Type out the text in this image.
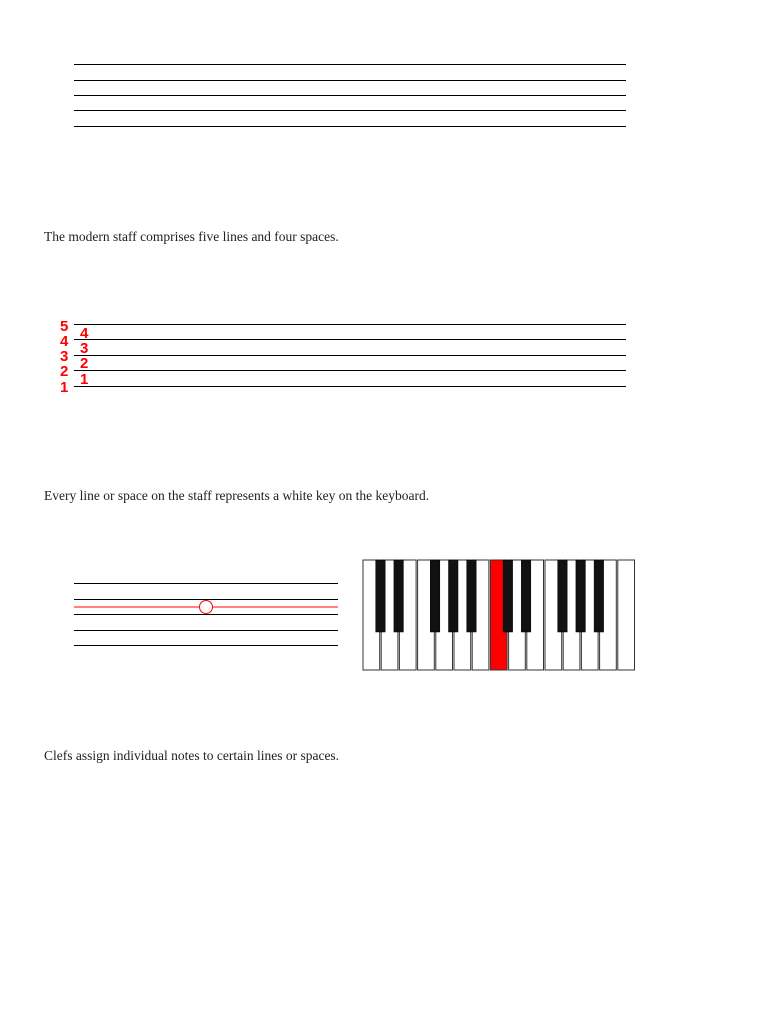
The modern staff comprises five lines and four spaces.
5
4
3
2
1
4
3
2
1
Every line or space on the staff represents a white key on the keyboard.
Clefs assign individual notes to certain lines or spaces.
